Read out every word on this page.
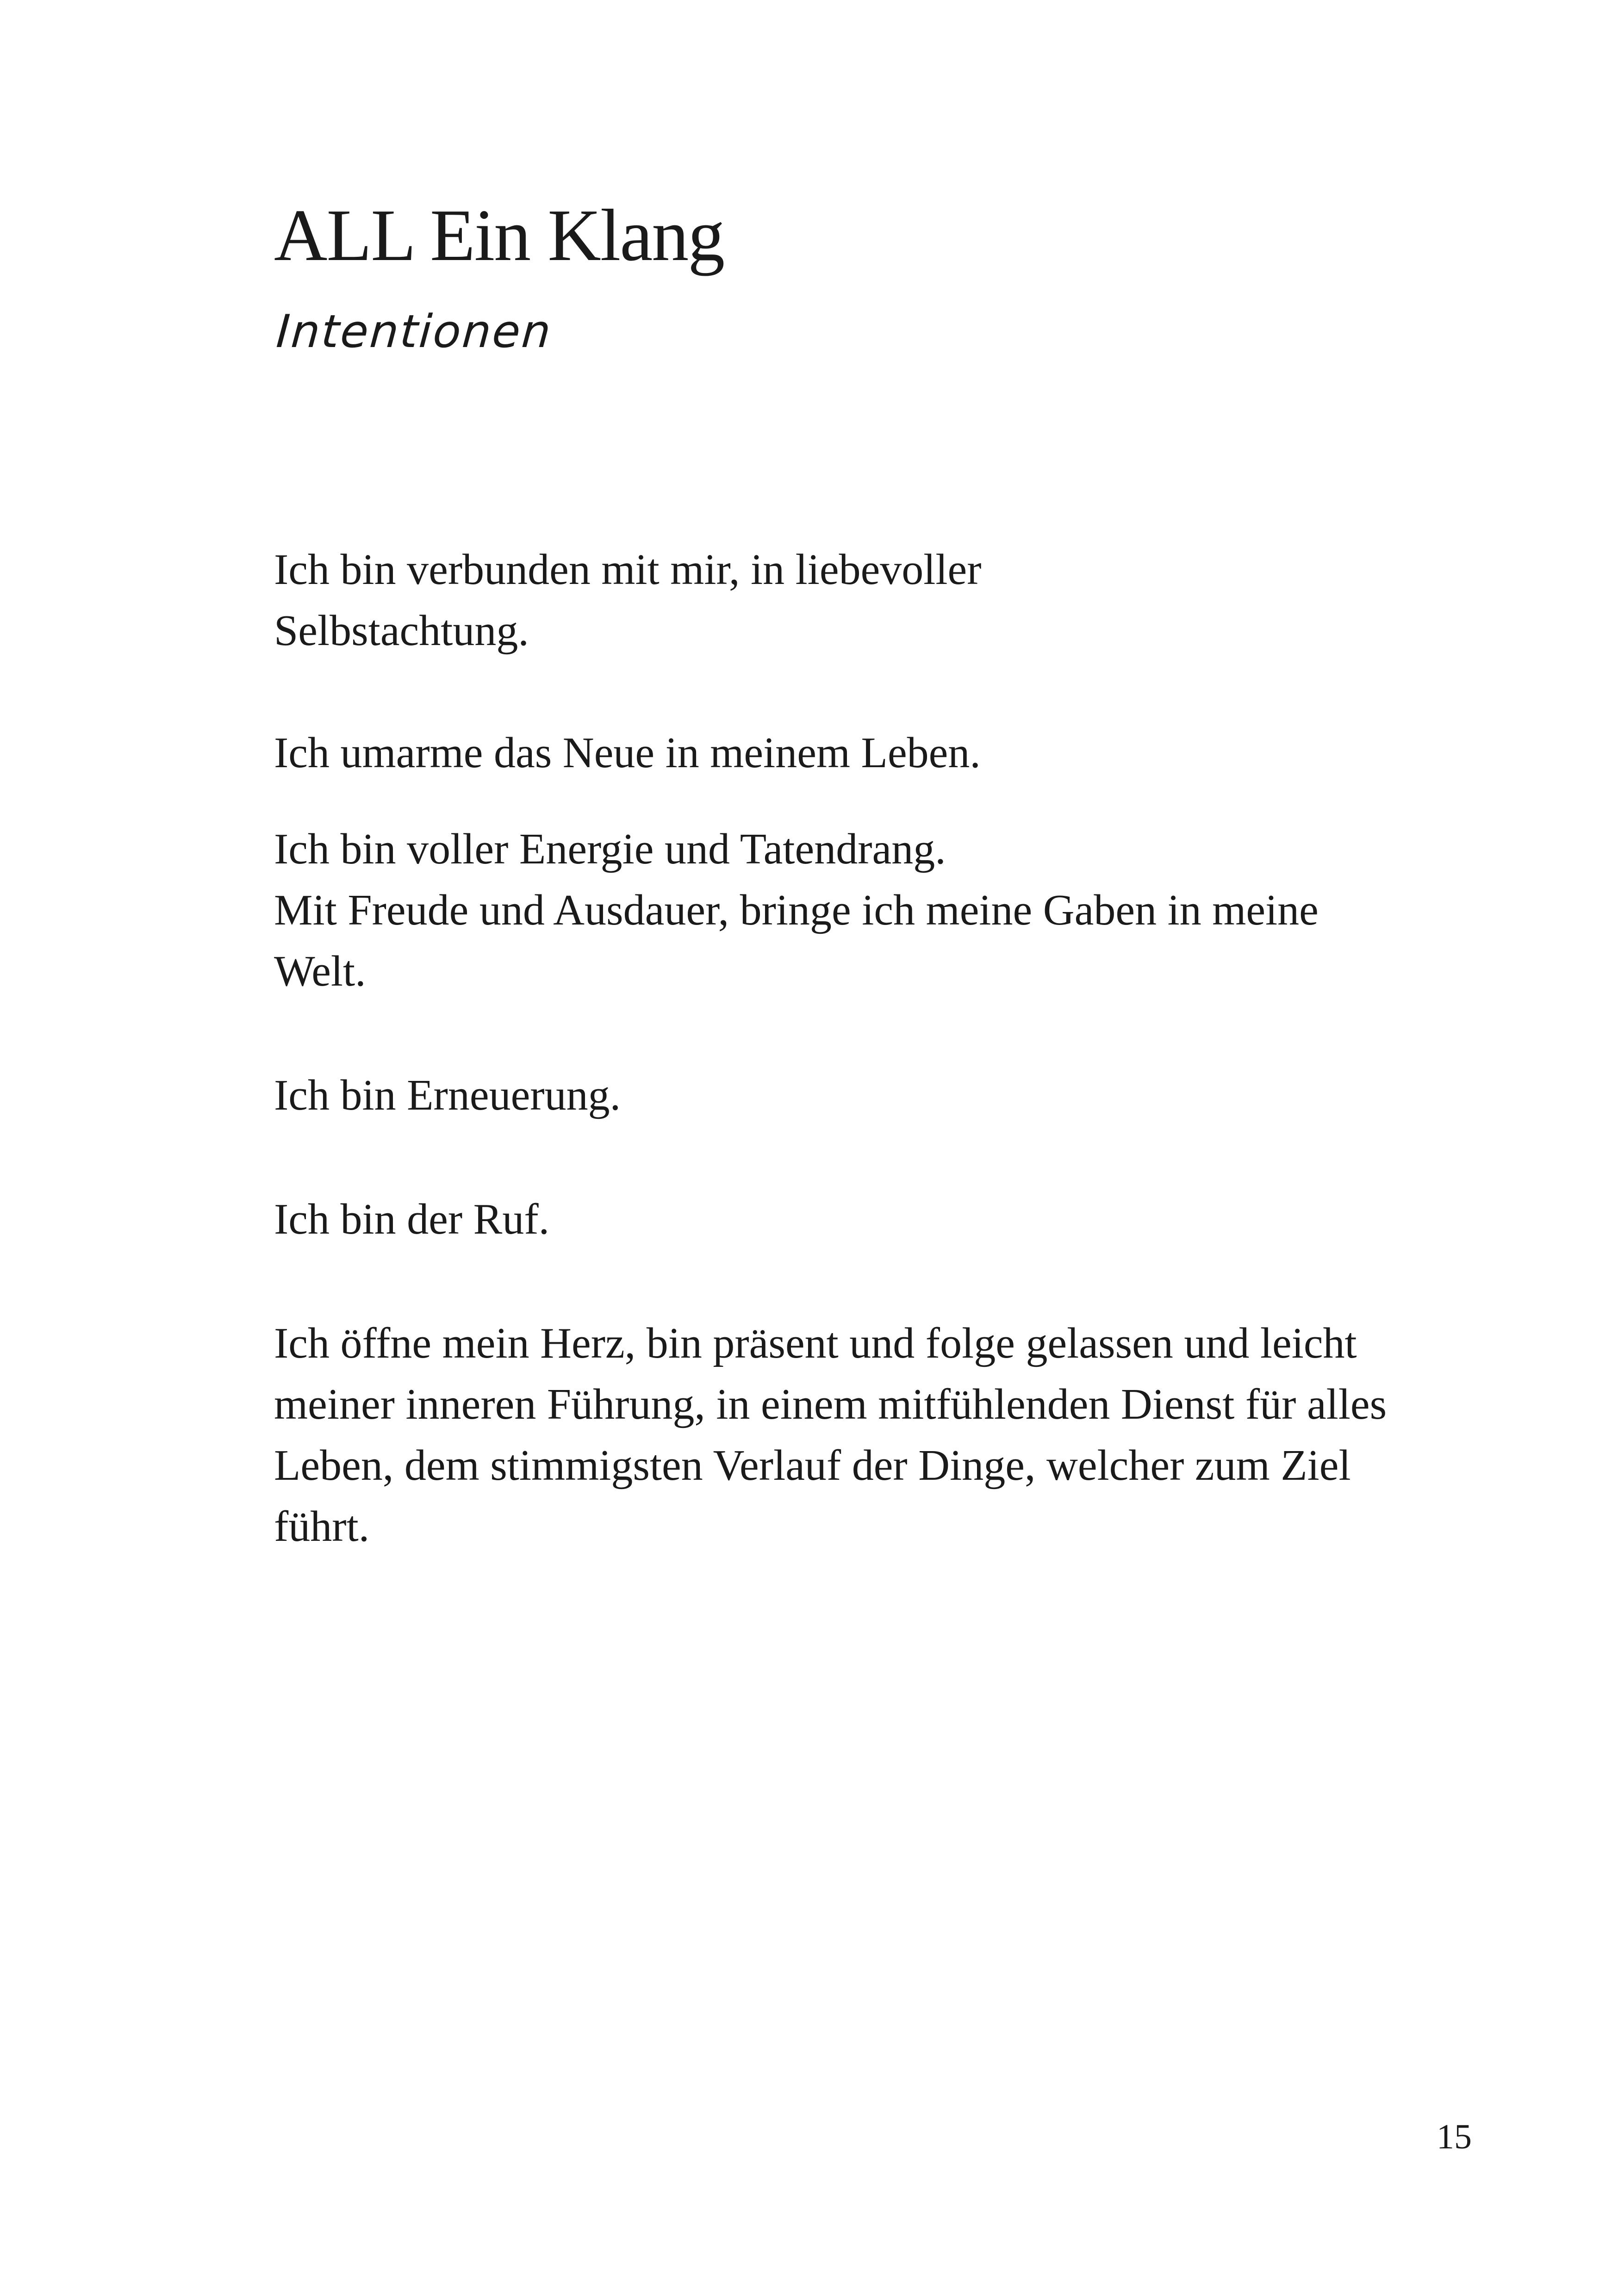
ALL Ein Klang
Intentionen

Ich bin verbunden mit mir, in liebevoller
Selbstachtung.

Ich umarme das Neue in meinem Leben.

Ich bin voller Energie und Tatendrang.
Mit Freude und Ausdauer, bringe ich meine Gaben in meine
Welt.

Ich bin Erneuerung.

Ich bin der Ruf.

Ich öffne mein Herz, bin präsent und folge gelassen und leicht
meiner inneren Führung, in einem mitfühlenden Dienst für alles
Leben, dem stimmigsten Verlauf der Dinge, welcher zum Ziel
führt.

15
